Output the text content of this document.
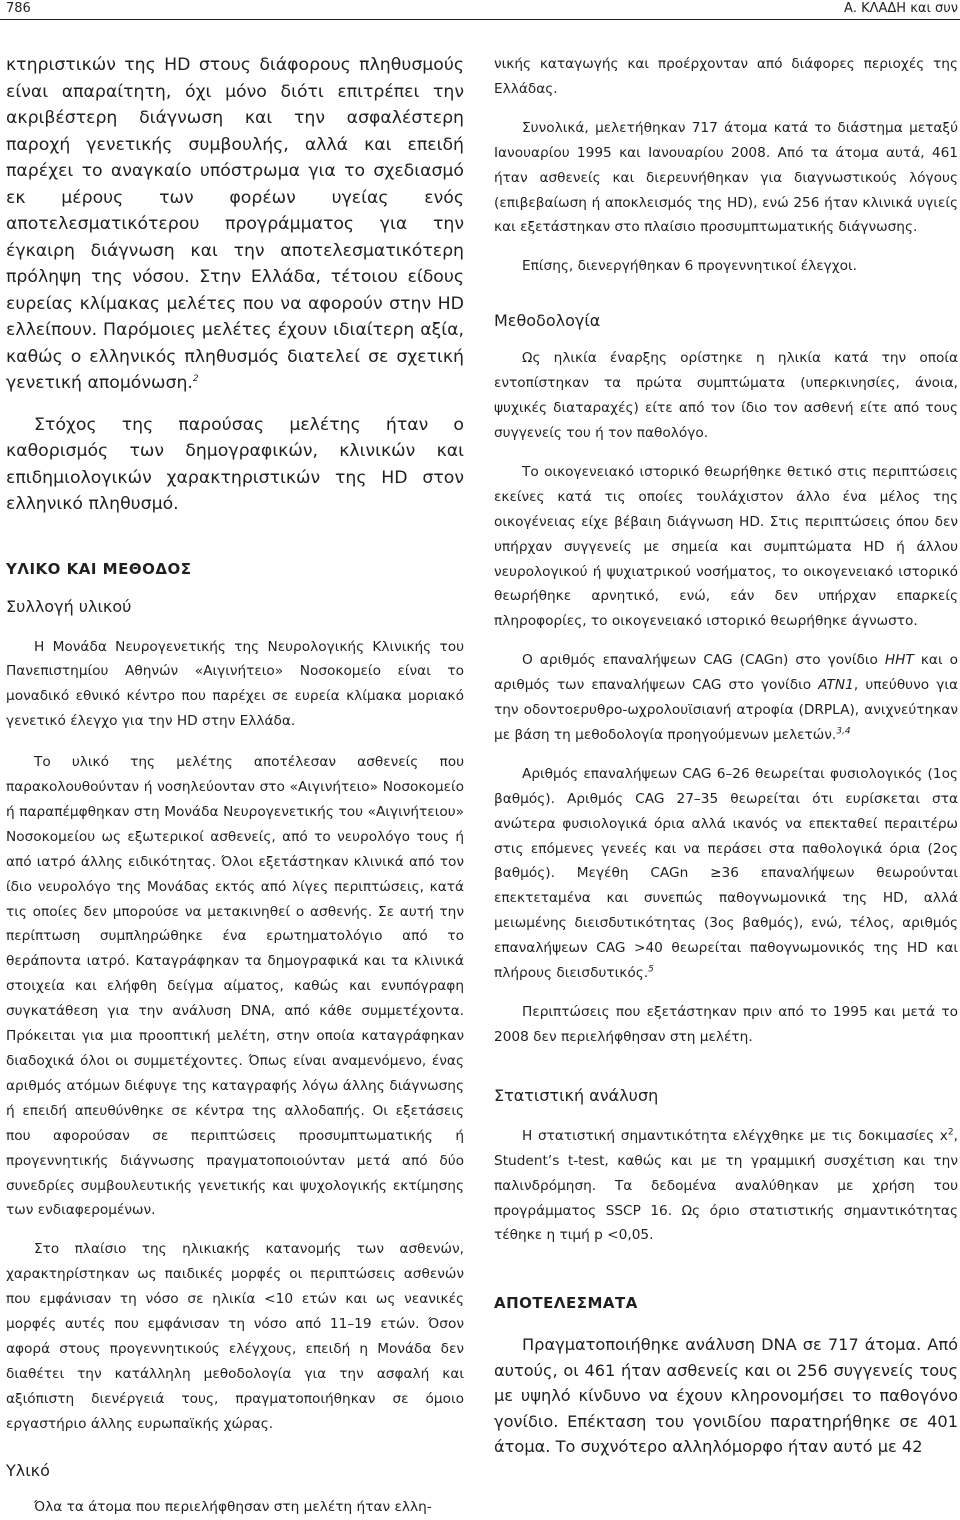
786	Α. ΚΛΑΔΗ και συν

κτηριστικών της HD στους διάφορους πληθυσμούς είναι απαραίτητη, όχι μόνο διότι επιτρέπει την ακριβέστερη διάγνωση και την ασφαλέστερη παροχή γενετικής συμβουλής, αλλά και επειδή παρέχει το αναγκαίο υπόστρωμα για το σχεδιασμό εκ μέρους των φορέων υγείας ενός αποτελεσματικότερου προγράμματος για την έγκαιρη διάγνωση και την αποτελεσματικότερη πρόληψη της νόσου. Στην Ελλάδα, τέτοιου είδους ευρείας κλίμακας μελέτες που να αφορούν στην HD ελλείπουν. Παρόμοιες μελέτες έχουν ιδιαίτερη αξία, καθώς ο ελληνικός πληθυσμός διατελεί σε σχετική γενετική απομόνωση.$^2$

Στόχος της παρούσας μελέτης ήταν ο καθορισμός των δημογραφικών, κλινικών και επιδημιολογικών χαρακτηριστικών της HD στον ελληνικό πληθυσμό.

ΥΛΙΚΟ ΚΑΙ ΜΕΘΟΔΟΣ
Συλλογή υλικού

Η Μονάδα Νευρογενετικής της Νευρολογικής Κλινικής του Πανεπιστημίου Αθηνών «Αιγινήτειο» Νοσοκομείο είναι το μοναδικό εθνικό κέντρο που παρέχει σε ευρεία κλίμακα μοριακό γενετικό έλεγχο για την HD στην Ελλάδα.

Το υλικό της μελέτης αποτέλεσαν ασθενείς που παρακολουθούνταν ή νοσηλεύονταν στο «Αιγινήτειο» Νοσοκομείο ή παραπέμφθηκαν στη Μονάδα Νευρογενετικής του «Αιγινήτειου» Νοσοκομείου ως εξωτερικοί ασθενείς, από το νευρολόγο τους ή από ιατρό άλλης ειδικότητας. Όλοι εξετάστηκαν κλινικά από τον ίδιο νευρολόγο της Μονάδας εκτός από λίγες περιπτώσεις, κατά τις οποίες δεν μπορούσε να μετακινηθεί ο ασθενής. Σε αυτή την περίπτωση συμπληρώθηκε ένα ερωτηματολόγιο από το θεράποντα ιατρό. Καταγράφηκαν τα δημογραφικά και τα κλινικά στοιχεία και ελήφθη δείγμα αίματος, καθώς και ενυπόγραφη συγκατάθεση για την ανάλυση DNA, από κάθε συμμετέχοντα. Πρόκειται για μια προοπτική μελέτη, στην οποία καταγράφηκαν διαδοχικά όλοι οι συμμετέχοντες. Όπως είναι αναμενόμενο, ένας αριθμός ατόμων διέφυγε της καταγραφής λόγω άλλης διάγνωσης ή επειδή απευθύνθηκε σε κέντρα της αλλοδαπής. Οι εξετάσεις που αφορούσαν σε περιπτώσεις προσυμπτωματικής ή προγεννητικής διάγνωσης πραγματοποιούνταν μετά από δύο συνεδρίες συμβουλευτικής γενετικής και ψυχολογικής εκτίμησης των ενδιαφερομένων.

Στο πλαίσιο της ηλικιακής κατανομής των ασθενών, χαρακτηρίστηκαν ως παιδικές μορφές οι περιπτώσεις ασθενών που εμφάνισαν τη νόσο σε ηλικία <10 ετών και ως νεανικές μορφές αυτές που εμφάνισαν τη νόσο από 11–19 ετών. Όσον αφορά στους προγεννητικούς ελέγχους, επειδή η Μονάδα δεν διαθέτει την κατάλληλη μεθοδολογία για την ασφαλή και αξιόπιστη διενέργειά τους, πραγματοποιήθηκαν σε όμοιο εργαστήριο άλλης ευρωπαϊκής χώρας.

Υλικό

Όλα τα άτομα που περιελήφθησαν στη μελέτη ήταν ελλη-

νικής καταγωγής και προέρχονταν από διάφορες περιοχές της Ελλάδας.

Συνολικά, μελετήθηκαν 717 άτομα κατά το διάστημα μεταξύ Ιανουαρίου 1995 και Ιανουαρίου 2008. Από τα άτομα αυτά, 461 ήταν ασθενείς και διερευνήθηκαν για διαγνωστικούς λόγους (επιβεβαίωση ή αποκλεισμός της HD), ενώ 256 ήταν κλινικά υγιείς και εξετάστηκαν στο πλαίσιο προσυμπτωματικής διάγνωσης.

Επίσης, διενεργήθηκαν 6 προγεννητικοί έλεγχοι.

Μεθοδολογία

Ως ηλικία έναρξης ορίστηκε η ηλικία κατά την οποία εντοπίστηκαν τα πρώτα συμπτώματα (υπερκινησίες, άνοια, ψυχικές διαταραχές) είτε από τον ίδιο τον ασθενή είτε από τους συγγενείς του ή τον παθολόγο.

Το οικογενειακό ιστορικό θεωρήθηκε θετικό στις περιπτώσεις εκείνες κατά τις οποίες τουλάχιστον άλλο ένα μέλος της οικογένειας είχε βέβαιη διάγνωση HD. Στις περιπτώσεις όπου δεν υπήρχαν συγγενείς με σημεία και συμπτώματα HD ή άλλου νευρολογικού ή ψυχιατρικού νοσήματος, το οικογενειακό ιστορικό θεωρήθηκε αρνητικό, ενώ, εάν δεν υπήρχαν επαρκείς πληροφορίες, το οικογενειακό ιστορικό θεωρήθηκε άγνωστο.

Ο αριθμός επαναλήψεων CAG (CAGn) στο γονίδιο HHT και ο αριθμός των επαναλήψεων CAG στο γονίδιο ATN1, υπεύθυνο για την οδοντοερυθρο-ωχρολουϊσιανή ατροφία (DRPLA), ανιχνεύτηκαν με βάση τη μεθοδολογία προηγούμενων μελετών.$^{3,4}$

Αριθμός επαναλήψεων CAG 6–26 θεωρείται φυσιολογικός (1ος βαθμός). Αριθμός CAG 27–35 θεωρείται ότι ευρίσκεται στα ανώτερα φυσιολογικά όρια αλλά ικανός να επεκταθεί περαιτέρω στις επόμενες γενεές και να περάσει στα παθολογικά όρια (2ος βαθμός). Μεγέθη CAGn ≥36 επαναλήψεων θεωρούνται επεκτεταμένα και συνεπώς παθογνωμονικά της HD, αλλά μειωμένης διεισδυτικότητας (3ος βαθμός), ενώ, τέλος, αριθμός επαναλήψεων CAG >40 θεωρείται παθογνωμονικός της HD και πλήρους διεισδυτικός.$^5$

Περιπτώσεις που εξετάστηκαν πριν από το 1995 και μετά το 2008 δεν περιελήφθησαν στη μελέτη.

Στατιστική ανάλυση

Η στατιστική σημαντικότητα ελέγχθηκε με τις δοκιμασίες $x^2$, Student’s t-test, καθώς και με τη γραμμική συσχέτιση και την παλινδρόμηση. Τα δεδομένα αναλύθηκαν με χρήση του προγράμματος SSCP 16. Ως όριο στατιστικής σημαντικότητας τέθηκε η τιμή p <0,05.

ΑΠΟΤΕΛΕΣΜΑΤΑ

Πραγματοποιήθηκε ανάλυση DNA σε 717 άτομα. Από αυτούς, οι 461 ήταν ασθενείς και οι 256 συγγενείς τους με υψηλό κίνδυνο να έχουν κληρονομήσει το παθογόνο γονίδιο. Επέκταση του γονιδίου παρατηρήθηκε σε 401 άτομα. Το συχνότερο αλληλόμορφο ήταν αυτό με 42
